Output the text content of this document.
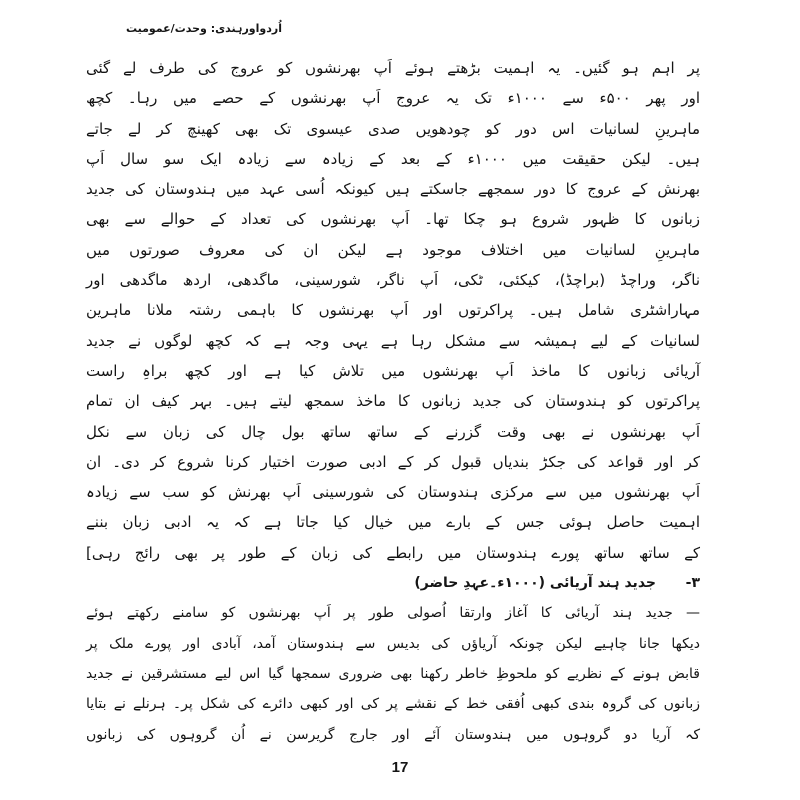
اُردواورہندی: وحدت/عمومیت
پر اہم ہو گئیں۔ یہ اہمیت بڑھتے ہوئے اَپ بھرنشوں کو عروج کی طرف لے گئی
اور پھر ۵۰۰ء سے ۱۰۰۰ء تک یہ عروج اَپ بھرنشوں کے حصے میں رہا۔ کچھ
ماہرینِ لسانیات اس دور کو چودھویں صدی عیسوی تک بھی کھینچ کر لے جاتے
ہیں۔ لیکن حقیقت میں ۱۰۰۰ء کے بعد کے زیادہ سے زیادہ ایک سو سال اَپ
بھرنش کے عروج کا دور سمجھے جاسکتے ہیں کیونکہ اُسی عہد میں ہندوستان کی جدید
زبانوں کا ظہور شروع ہو چکا تھا۔ اَپ بھرنشوں کی تعداد کے حوالے سے بھی
ماہرینِ لسانیات میں اختلاف موجود ہے لیکن ان کی معروف صورتوں میں
ناگر، وراچڈ (براچڈ)، کیکئی، ٹکی، اَپ ناگر، شورسینی، ماگدھی، اردھ ماگدھی اور
مہاراشٹری شامل ہیں۔ پراکرتوں اور اَپ بھرنشوں کا باہمی رشتہ ملانا ماہرین
لسانیات کے لیے ہمیشہ سے مشکل رہا ہے یہی وجہ ہے کہ کچھ لوگوں نے جدید
آریائی زبانوں کا ماخذ اَپ بھرنشوں میں تلاش کیا ہے اور کچھ براہِ راست
پراکرتوں کو ہندوستان کی جدید زبانوں کا ماخذ سمجھ لیتے ہیں۔ بہر کیف ان تمام
اَپ بھرنشوں نے بھی وقت گزرنے کے ساتھ ساتھ بول چال کی زبان سے نکل
کر اور قواعد کی جکڑ بندیاں قبول کر کے ادبی صورت اختیار کرنا شروع کر دی۔ ان
اَپ بھرنشوں میں سے مرکزی ہندوستان کی شورسینی اَپ بھرنش کو سب سے زیادہ
اہمیت حاصل ہوئی جس کے بارے میں خیال کیا جاتا ہے کہ یہ ادبی زبان بننے
کے ساتھ ساتھ پورے ہندوستان میں رابطے کی زبان کے طور پر بھی رائج رہی]
۳-
جدید ہند آریائی (۱۰۰۰ء۔عہدِ حاضر)
— جدید ہند آریائی کا آغاز وارتقا اُصولی طور پر اَپ بھرنشوں کو سامنے رکھتے ہوئے
دیکھا جانا چاہیے لیکن چونکہ آریاؤں کی بدیس سے ہندوستان آمد، آبادی اور پورے ملک پر
قابض ہونے کے نظریے کو ملحوظِ خاطر رکھنا بھی ضروری سمجھا گیا اس لیے مستشرقین نے جدید
زبانوں کی گروہ بندی کبھی اُفقی خط کے نقشے پر کی اور کبھی دائرے کی شکل پر۔ ہرنلے نے بتایا
کہ آریا دو گروہوں میں ہندوستان آئے اور جارج گریرسن نے اُن گروہوں کی زبانوں
17
